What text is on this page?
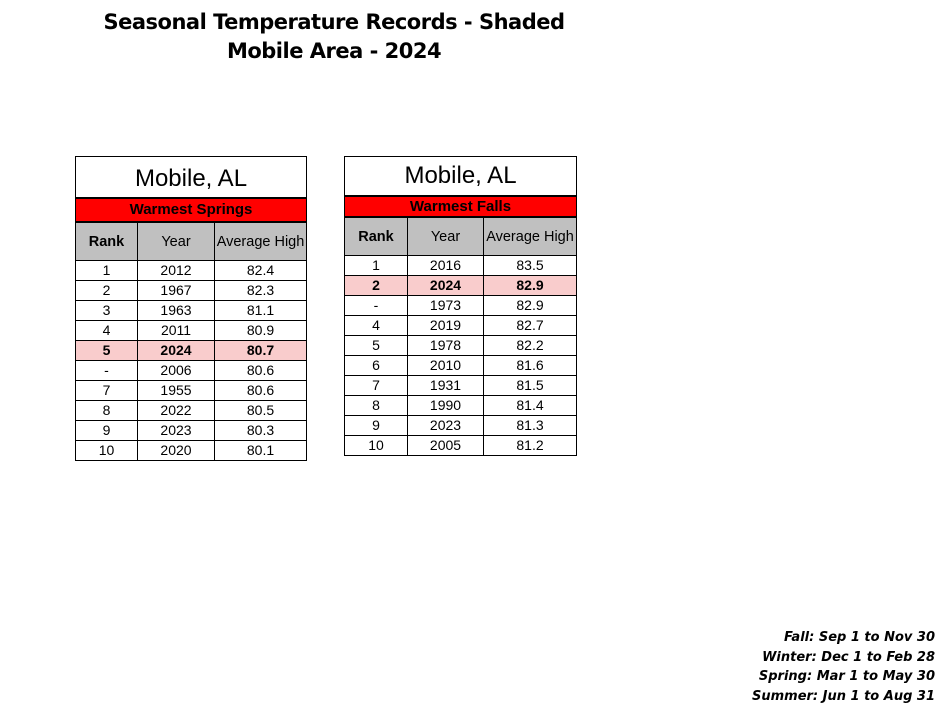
Seasonal Temperature Records - Shaded
Mobile Area - 2024
Mobile, AL		
Warmest Springs		
Rank	Year	Average High
1	2012	82.4
2	1967	82.3
3	1963	81.1
4	2011	80.9
5	2024	80.7
-	2006	80.6
7	1955	80.6
8	2022	80.5
9	2023	80.3
10	2020	80.1
Mobile, AL		
Warmest Falls		
Rank	Year	Average High
1	2016	83.5
2	2024	82.9
-	1973	82.9
4	2019	82.7
5	1978	82.2
6	2010	81.6
7	1931	81.5
8	1990	81.4
9	2023	81.3
10	2005	81.2
Fall: Sep 1 to Nov 30
Winter: Dec 1 to Feb 28
Spring: Mar 1 to May 30
Summer: Jun 1 to Aug 31
